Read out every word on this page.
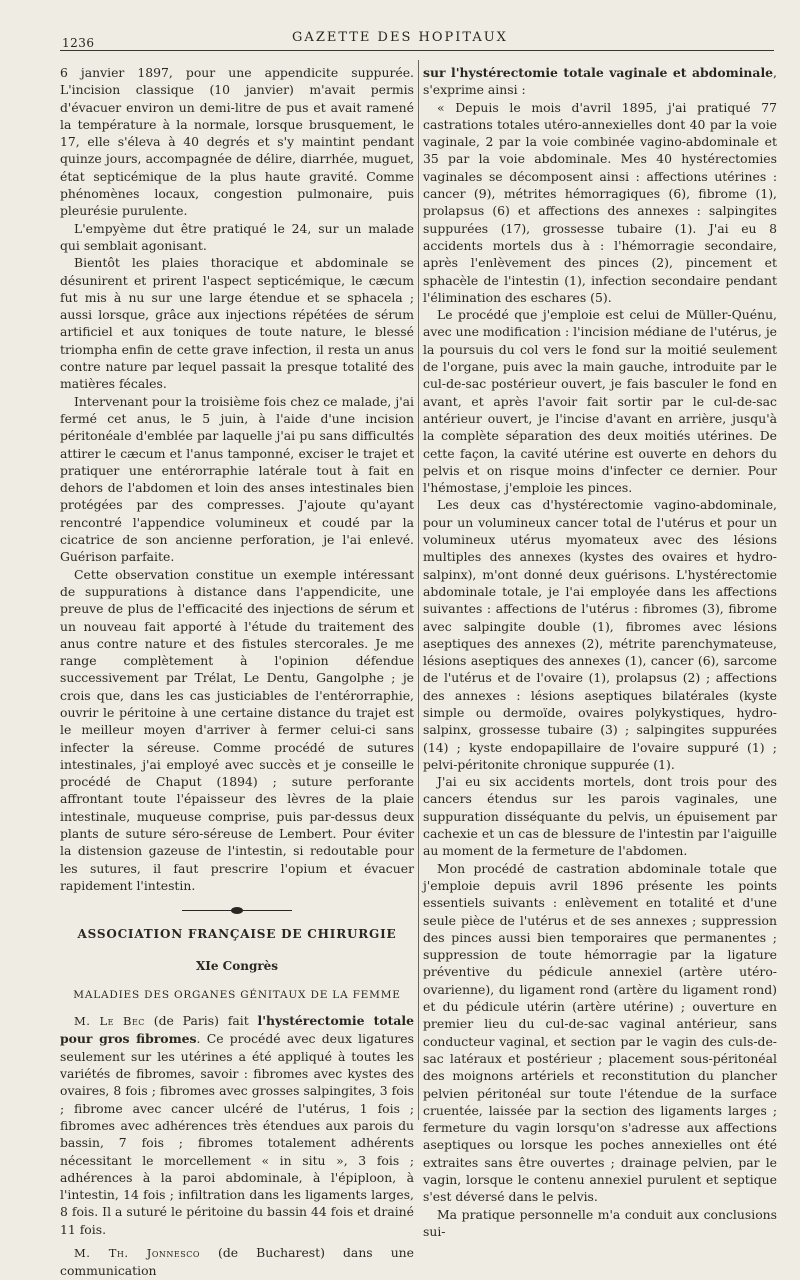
1236	GAZETTE DES HOPITAUX

6 janvier 1897, pour une appendicite suppurée. L'incision classique (10 janvier) m'avait permis d'évacuer environ un demi-litre de pus et avait ramené la température à la normale, lorsque brusquement, le 17, elle s'éleva à 40 degrés et s'y maintint pendant quinze jours, accompagnée de délire, diarrhée, muguet, état septicémique de la plus haute gravité. Comme phénomènes locaux, congestion pulmonaire, puis pleurésie purulente.

L'empyème dut être pratiqué le 24, sur un malade qui semblait agonisant.

Bientôt les plaies thoracique et abdominale se désunirent et prirent l'aspect septicémique, le cæcum fut mis à nu sur une large étendue et se sphacela ; aussi lorsque, grâce aux injections répétées de sérum artificiel et aux toniques de toute nature, le blessé triompha enfin de cette grave infection, il resta un anus contre nature par lequel passait la presque totalité des matières fécales.

Intervenant pour la troisième fois chez ce malade, j'ai fermé cet anus, le 5 juin, à l'aide d'une incision péritonéale d'emblée par laquelle j'ai pu sans difficultés attirer le cæcum et l'anus tamponné, exciser le trajet et pratiquer une entérorraphie latérale tout à fait en dehors de l'abdomen et loin des anses intestinales bien protégées par des compresses. J'ajoute qu'ayant rencontré l'appendice volumineux et coudé par la cicatrice de son ancienne perforation, je l'ai enlevé. Guérison parfaite.

Cette observation constitue un exemple intéressant de suppurations à distance dans l'appendicite, une preuve de plus de l'efficacité des injections de sérum et un nouveau fait apporté à l'étude du traitement des anus contre nature et des fistules stercorales. Je me range complètement à l'opinion défendue successivement par Trélat, Le Dentu, Gangolphe ; je crois que, dans les cas justiciables de l'entérorraphie, ouvrir le péritoine à une certaine distance du trajet est le meilleur moyen d'arriver à fermer celui-ci sans infecter la séreuse. Comme procédé de sutures intestinales, j'ai employé avec succès et je conseille le procédé de Chaput (1894) ; suture perforante affrontant toute l'épaisseur des lèvres de la plaie intestinale, muqueuse comprise, puis par-dessus deux plants de suture séro-séreuse de Lembert. Pour éviter la distension gazeuse de l'intestin, si redoutable pour les sutures, il faut prescrire l'opium et évacuer rapidement l'intestin.

ASSOCIATION FRANÇAISE DE CHIRURGIE
XIe Congrès
MALADIES DES ORGANES GÉNITAUX DE LA FEMME

M. Le Bec (de Paris) fait l'hystérectomie totale pour gros fibromes. Ce procédé avec deux ligatures seulement sur les utérines a été appliqué à toutes les variétés de fibromes, savoir : fibromes avec kystes des ovaires, 8 fois ; fibromes avec grosses salpingites, 3 fois ; fibrome avec cancer ulcéré de l'utérus, 1 fois ; fibromes avec adhérences très étendues aux parois du bassin, 7 fois ; fibromes totalement adhérents nécessitant le morcellement « in situ », 3 fois ; adhérences à la paroi abdominale, à l'épiploon, à l'intestin, 14 fois ; infiltration dans les ligaments larges, 8 fois. Il a suturé le péritoine du bassin 44 fois et drainé 11 fois.

M. Th. Jonnesco (de Bucharest) dans une communication

sur l'hystérectomie totale vaginale et abdominale, s'exprime ainsi :

« Depuis le mois d'avril 1895, j'ai pratiqué 77 castrations totales utéro-annexielles dont 40 par la voie vaginale, 2 par la voie combinée vagino-abdominale et 35 par la voie abdominale. Mes 40 hystérectomies vaginales se décomposent ainsi : affections utérines : cancer (9), métrites hémorragiques (6), fibrome (1), prolapsus (6) et affections des annexes : salpingites suppurées (17), grossesse tubaire (1). J'ai eu 8 accidents mortels dus à : l'hémorragie secondaire, après l'enlèvement des pinces (2), pincement et sphacèle de l'intestin (1), infection secondaire pendant l'élimination des eschares (5).

Le procédé que j'emploie est celui de Müller-Quénu, avec une modification : l'incision médiane de l'utérus, je la poursuis du col vers le fond sur la moitié seulement de l'organe, puis avec la main gauche, introduite par le cul-de-sac postérieur ouvert, je fais basculer le fond en avant, et après l'avoir fait sortir par le cul-de-sac antérieur ouvert, je l'incise d'avant en arrière, jusqu'à la complète séparation des deux moitiés utérines. De cette façon, la cavité utérine est ouverte en dehors du pelvis et on risque moins d'infecter ce dernier. Pour l'hémostase, j'emploie les pinces.

Les deux cas d'hystérectomie vagino-abdominale, pour un volumineux cancer total de l'utérus et pour un volumineux utérus myomateux avec des lésions multiples des annexes (kystes des ovaires et hydro-salpinx), m'ont donné deux guérisons. L'hystérectomie abdominale totale, je l'ai employée dans les affections suivantes : affections de l'utérus : fibromes (3), fibrome avec salpingite double (1), fibromes avec lésions aseptiques des annexes (2), métrite parenchymateuse, lésions aseptiques des annexes (1), cancer (6), sarcome de l'utérus et de l'ovaire (1), prolapsus (2) ; affections des annexes : lésions aseptiques bilatérales (kyste simple ou dermoïde, ovaires polykystiques, hydro-salpinx, grossesse tubaire (3) ; salpingites suppurées (14) ; kyste endopapillaire de l'ovaire suppuré (1) ; pelvi-péritonite chronique suppurée (1).

J'ai eu six accidents mortels, dont trois pour des cancers étendus sur les parois vaginales, une suppuration disséquante du pelvis, un épuisement par cachexie et un cas de blessure de l'intestin par l'aiguille au moment de la fermeture de l'abdomen.

Mon procédé de castration abdominale totale que j'emploie depuis avril 1896 présente les points essentiels suivants : enlèvement en totalité et d'une seule pièce de l'utérus et de ses annexes ; suppression des pinces aussi bien temporaires que permanentes ; suppression de toute hémorragie par la ligature préventive du pédicule annexiel (artère utéro-ovarienne), du ligament rond (artère du ligament rond) et du pédicule utérin (artère utérine) ; ouverture en premier lieu du cul-de-sac vaginal antérieur, sans conducteur vaginal, et section par le vagin des culs-de-sac latéraux et postérieur ; placement sous-péritonéal des moignons artériels et reconstitution du plancher pelvien péritonéal sur toute l'étendue de la surface cruentée, laissée par la section des ligaments larges ; fermeture du vagin lorsqu'on s'adresse aux affections aseptiques ou lorsque les poches annexielles ont été extraites sans être ouvertes ; drainage pelvien, par le vagin, lorsque le contenu annexiel purulent et septique s'est déversé dans le pelvis.

Ma pratique personnelle m'a conduit aux conclusions sui-
